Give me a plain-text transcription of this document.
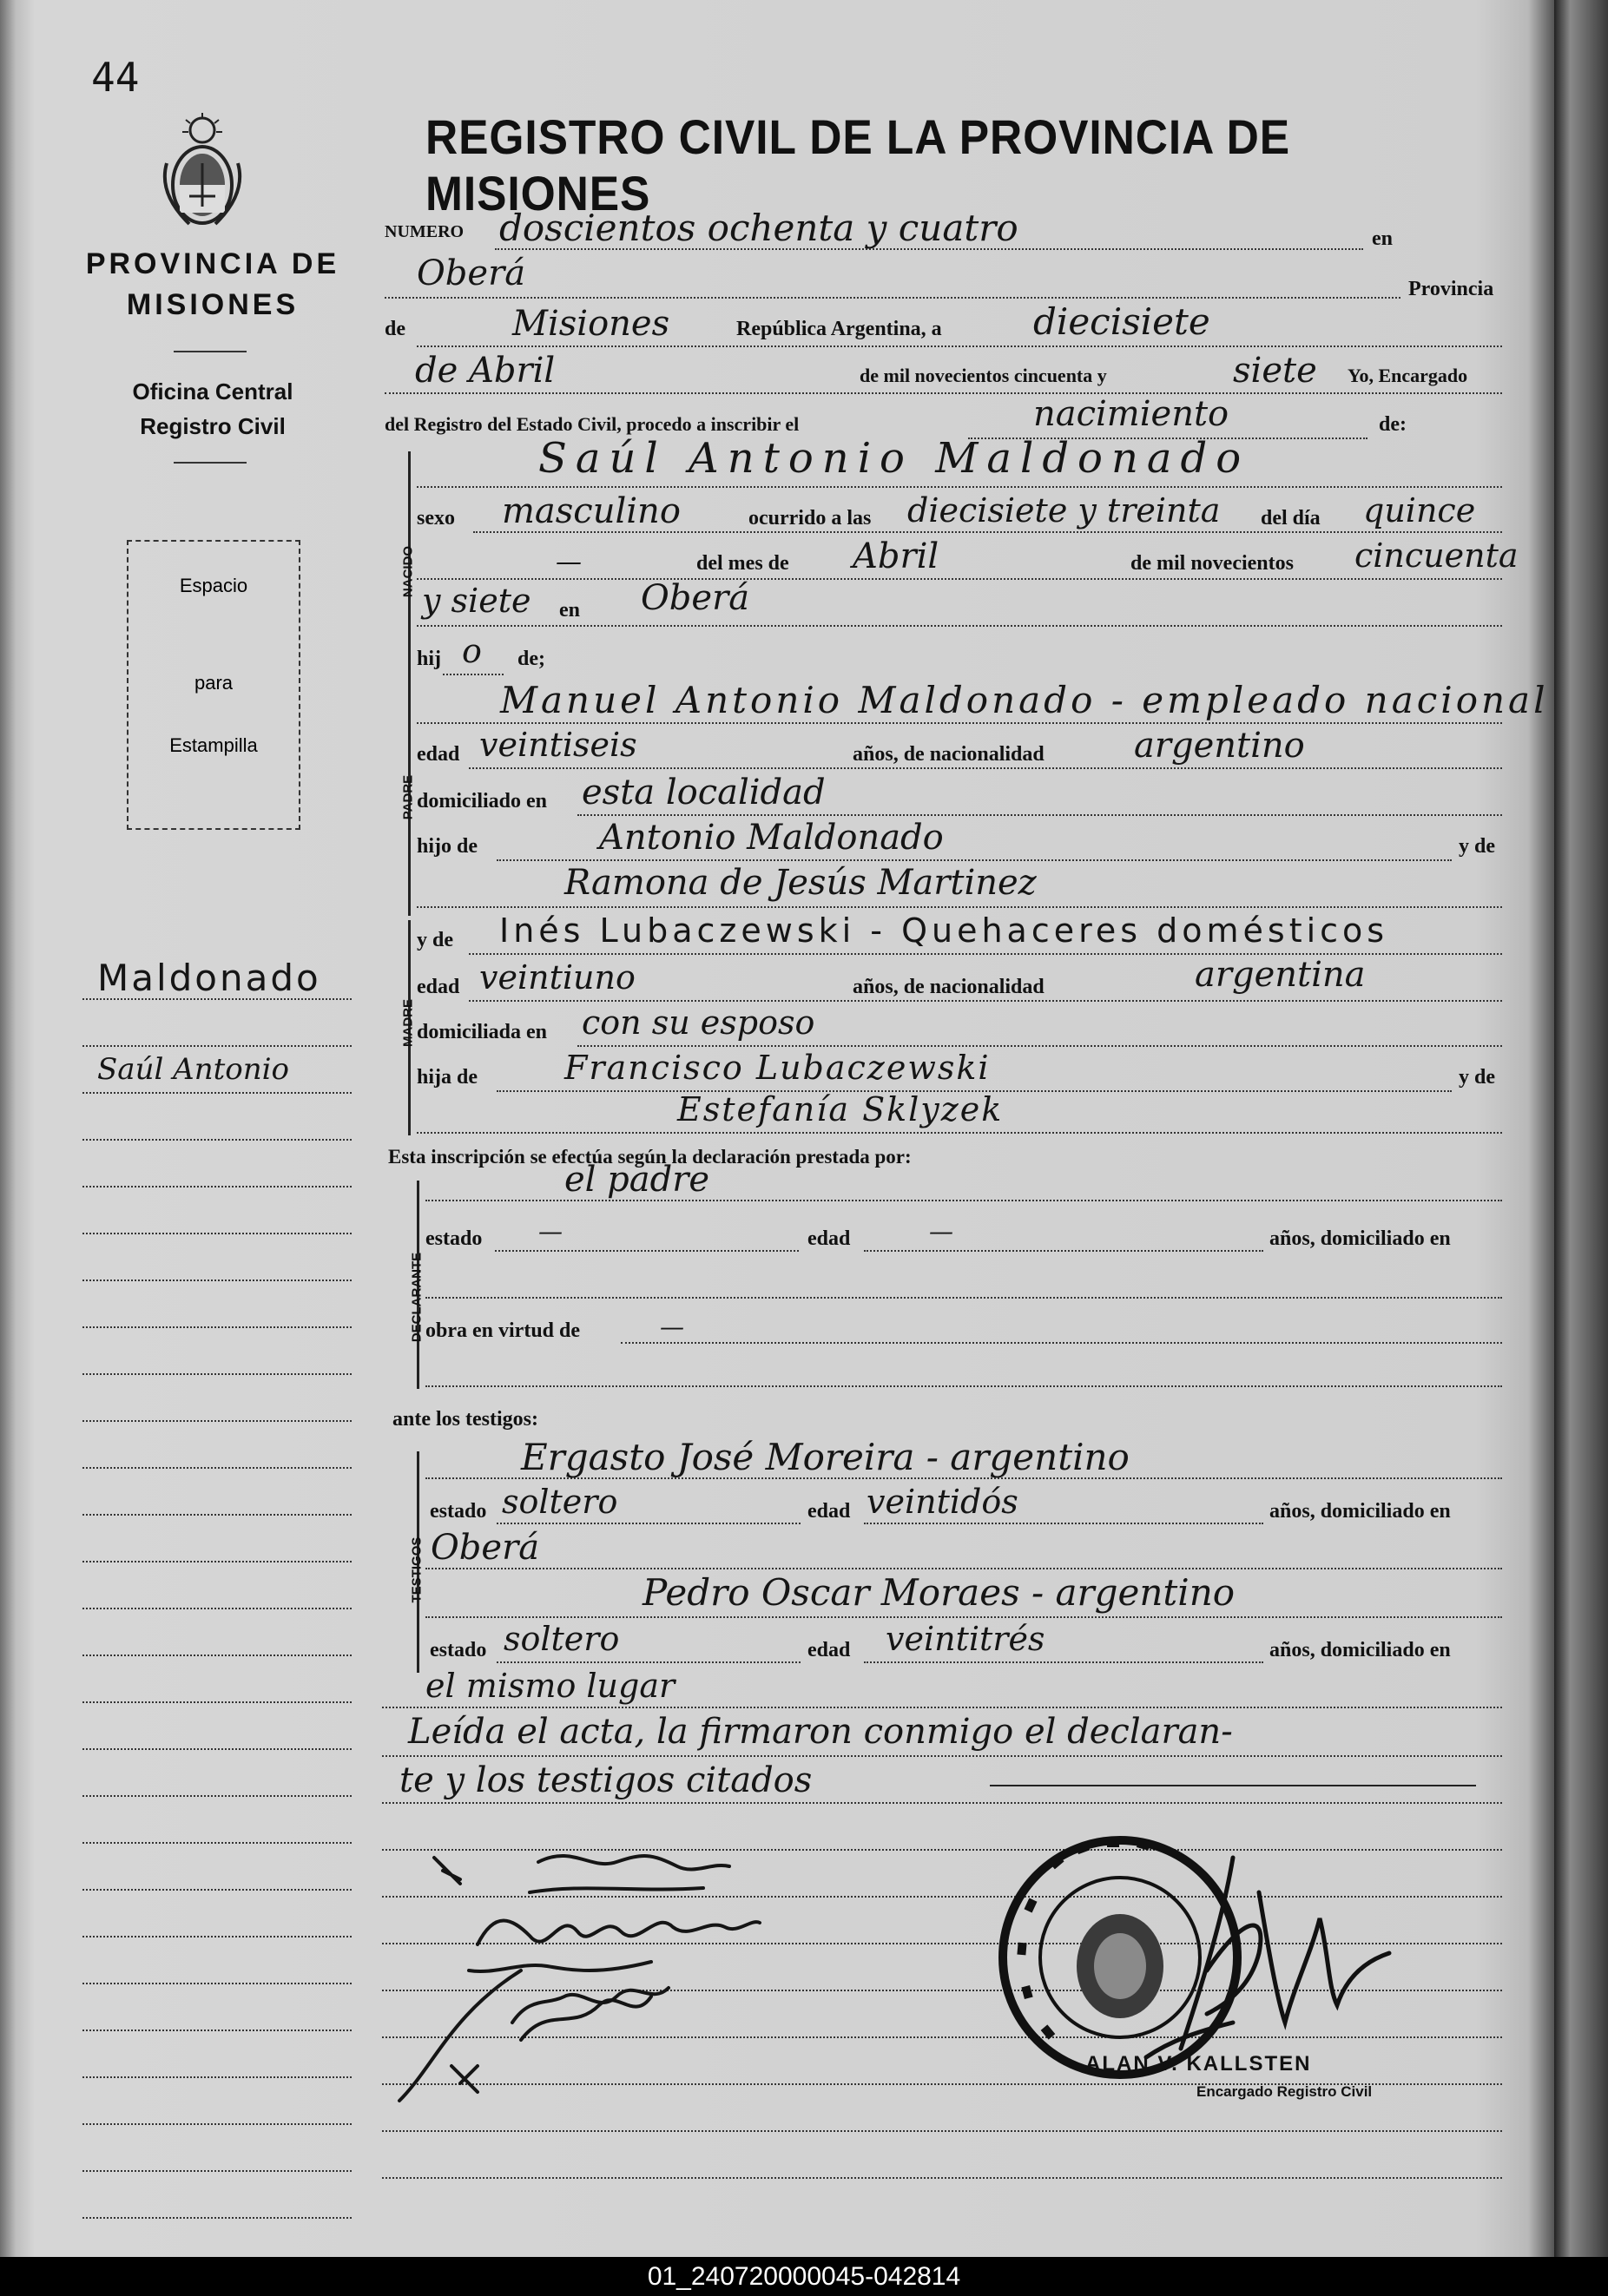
44
PROVINCIA DE
MISIONES
Oficina Central
Registro Civil
Espacio
para
Estampilla
Maldonado
Saúl Antonio
REGISTRO CIVIL DE LA PROVINCIA DE MISIONES
NUMERO doscientos ochenta y cuatro	en
Oberá	Provincia
de	Misiones	República Argentina, a	diecisiete
de Abril	de mil novecientos cincuenta y	siete Yo, Encargado
del Registro del Estado Civil, procedo a inscribir el	nacimiento	de:
NACIDO
Saúl Antonio Maldonado
sexo masculino	ocurrido a las diecisiete y treinta del día quince
—	del mes de Abril	de mil novecientos cincuenta
y siete en Oberá
hij o de;
PADRE
Manuel Antonio Maldonado - empleado nacional
edad veintiseis	años, de nacionalidad	argentino
domiciliado en esta localidad
hijo de	Antonio Maldonado	y de
Ramona de Jesús Martinez
MADRE
y de Inés Lubaczewski - Quehaceres domésticos
edad veintiuno	años, de nacionalidad	argentina
domiciliada en con su esposo
hija de	Francisco Lubaczewski	y de
Estefanía Sklyzek
Esta inscripción se efectúa según la declaración prestada por:
DECLARANTE
el padre
estado —	edad	—	años, domiciliado en
obra en virtud de	—
ante los testigos:
TESTIGOS
Ergasto José Moreira - argentino
estado soltero	edad veintidós	años, domiciliado en
Oberá
Pedro Oscar Moraes - argentino
estado soltero	edad veintitrés	años, domiciliado en
el mismo lugar
Leída el acta, la firmaron conmigo el declaran-
te y los testigos citados
ALAN V. KALLSTEN
Encargado Registro Civil
01_240720000045-042814
